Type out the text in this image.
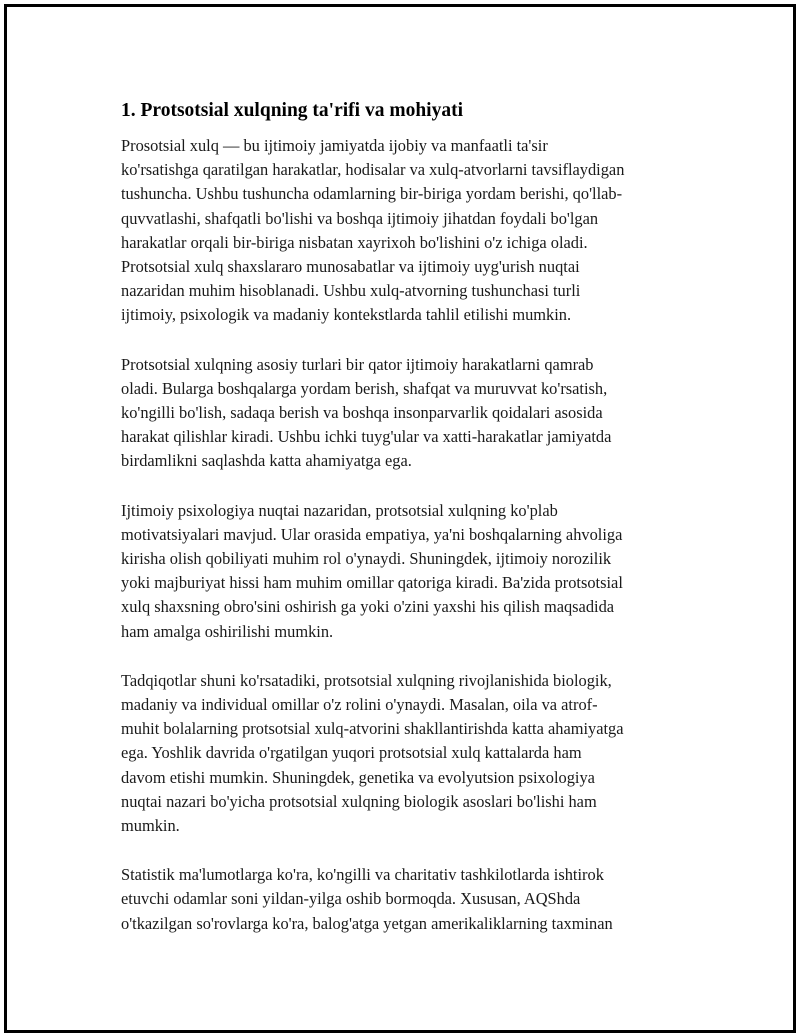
1. Protsotsial xulqning ta'rifi va mohiyati

Prosotsial xulq — bu ijtimoiy jamiyatda ijobiy va manfaatli ta'sir
ko'rsatishga qaratilgan harakatlar, hodisalar va xulq-atvorlarni tavsiflaydigan
tushuncha. Ushbu tushuncha odamlarning bir-biriga yordam berishi, qo'llab-
quvvatlashi, shafqatli bo'lishi va boshqa ijtimoiy jihatdan foydali bo'lgan
harakatlar orqali bir-biriga nisbatan xayrixoh bo'lishini o'z ichiga oladi.
Protsotsial xulq shaxslararo munosabatlar va ijtimoiy uyg'urish nuqtai
nazaridan muhim hisoblanadi. Ushbu xulq-atvorning tushunchasi turli
ijtimoiy, psixologik va madaniy kontekstlarda tahlil etilishi mumkin.

Protsotsial xulqning asosiy turlari bir qator ijtimoiy harakatlarni qamrab
oladi. Bularga boshqalarga yordam berish, shafqat va muruvvat ko'rsatish,
ko'ngilli bo'lish, sadaqa berish va boshqa insonparvarlik qoidalari asosida
harakat qilishlar kiradi. Ushbu ichki tuyg'ular va xatti-harakatlar jamiyatda
birdamlikni saqlashda katta ahamiyatga ega.

Ijtimoiy psixologiya nuqtai nazaridan, protsotsial xulqning ko'plab
motivatsiyalari mavjud. Ular orasida empatiya, ya'ni boshqalarning ahvoliga
kirisha olish qobiliyati muhim rol o'ynaydi. Shuningdek, ijtimoiy norozilik
yoki majburiyat hissi ham muhim omillar qatoriga kiradi. Ba'zida protsotsial
xulq shaxsning obro'sini oshirish ga yoki o'zini yaxshi his qilish maqsadida
ham amalga oshirilishi mumkin.

Tadqiqotlar shuni ko'rsatadiki, protsotsial xulqning rivojlanishida biologik,
madaniy va individual omillar o'z rolini o'ynaydi. Masalan, oila va atrof-
muhit bolalarning protsotsial xulq-atvorini shakllantirishda katta ahamiyatga
ega. Yoshlik davrida o'rgatilgan yuqori protsotsial xulq kattalarda ham
davom etishi mumkin. Shuningdek, genetika va evolyutsion psixologiya
nuqtai nazari bo'yicha protsotsial xulqning biologik asoslari bo'lishi ham
mumkin.

Statistik ma'lumotlarga ko'ra, ko'ngilli va charitativ tashkilotlarda ishtirok
etuvchi odamlar soni yildan-yilga oshib bormoqda. Xususan, AQShda
o'tkazilgan so'rovlarga ko'ra, balog'atga yetgan amerikaliklarning taxminan
